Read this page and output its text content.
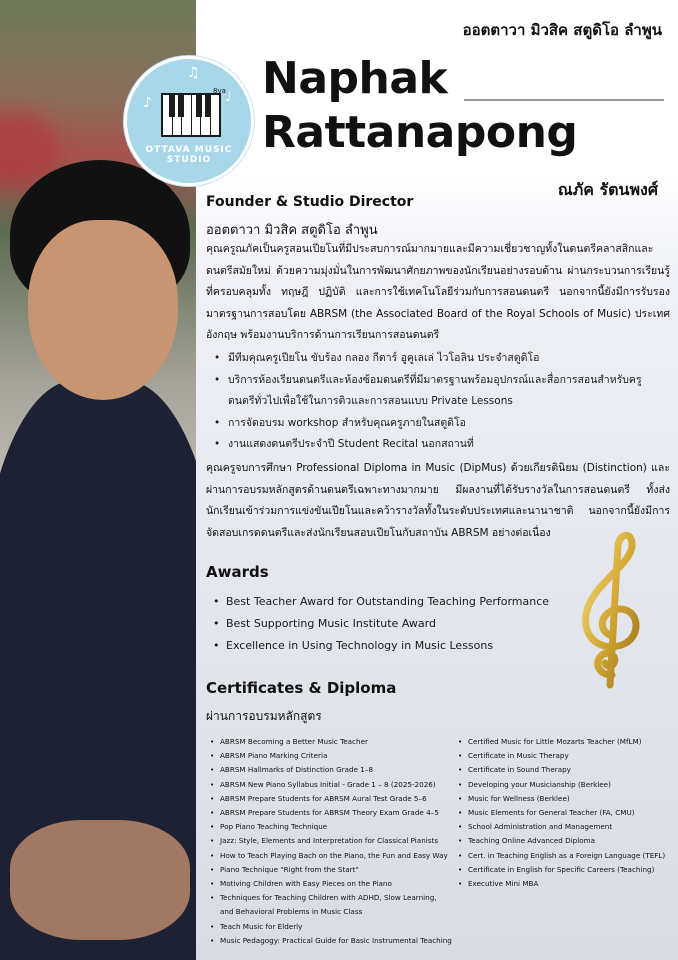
ออตตาวา มิวสิค สตูดิโอ ลำพูน
♫
♪	♩
8va
OTTAVA MUSIC STUDIO
Naphak
Rattanapong
ณภัค รัตนพงศ์
Founder & Studio Director
ออตตาวา มิวสิค สตูดิโอ ลำพูน
คุณครูณภัคเป็นครูสอนเปียโนที่มีประสบการณ์มากมายและมีความเชี่ยวชาญทั้งในดนตรีคลาสสิกและดนตรีสมัยใหม่ ด้วยความมุ่งมั่นในการพัฒนาศักยภาพของนักเรียนอย่างรอบด้าน ผ่านกระบวนการเรียนรู้ที่ครอบคลุมทั้ง ทฤษฎี ปฏิบัติ และการใช้เทคโนโลยีร่วมกับการสอนดนตรี นอกจากนี้ยังมีการรับรองมาตรฐานการสอบโดย ABRSM (the Associated Board of the Royal Schools of Music) ประเทศอังกฤษ พร้อมงานบริการด้านการเรียนการสอนดนตรี
• มีทีมคุณครูเปียโน ขับร้อง กลอง กีตาร์ อูคูเลเล่ ไวโอลิน ประจำสตูดิโอ
• บริการห้องเรียนดนตรีและห้องซ้อมดนตรีที่มีมาตรฐานพร้อมอุปกรณ์และสื่อการสอนสำหรับครูดนตรีทั่วไปเพื่อใช้ในการติวและการสอนแบบ Private Lessons
• การจัดอบรม workshop สำหรับคุณครูภายในสตูดิโอ
• งานแสดงดนตรีประจำปี Student Recital นอกสถานที่
คุณครูจบการศึกษา Professional Diploma in Music (DipMus) ด้วยเกียรตินิยม (Distinction) และผ่านการอบรมหลักสูตรด้านดนตรีเฉพาะทางมากมาย มีผลงานที่ได้รับรางวัลในการสอนดนตรี ทั้งส่งนักเรียนเข้าร่วมการแข่งขันเปียโนและคว้ารางวัลทั้งในระดับประเทศและนานาชาติ นอกจากนี้ยังมีการจัดสอบเกรดดนตรีและส่งนักเรียนสอบเปียโนกับสถาบัน ABRSM อย่างต่อเนื่อง
Awards
• Best Teacher Award for Outstanding Teaching Performance
• Best Supporting Music Institute Award
• Excellence in Using Technology in Music Lessons
Certificates & Diploma
ผ่านการอบรมหลักสูตร
• ABRSM Becoming a Better Music Teacher
• ABRSM Piano Marking Criteria
• ABRSM Hallmarks of Distinction Grade 1–8
• ABRSM New Piano Syllabus Initial - Grade 1 – 8 (2025-2026)
• ABRSM Prepare Students for ABRSM Aural Test Grade 5–6
• ABRSM Prepare Students for ABRSM Theory Exam Grade 4–5
• Pop Piano Teaching Technique
• Jazz: Style, Elements and Interpretation for Classical Pianists
• How to Teach Playing Bach on the Piano, the Fun and Easy Way
• Piano Technique "Right from the Start"
• Motiving Children with Easy Pieces on the Piano
• Techniques for Teaching Children with ADHD, Slow Learning,
and Behavioral Problems in Music Class
• Teach Music for Elderly
• Music Pedagogy: Practical Guide for Basic Instrumental Teaching
• Certified Music for Little Mozarts Teacher (MfLM)
• Certificate in Music Therapy
• Certificate in Sound Therapy
• Developing your Musicianship (Berklee)
• Music for Wellness (Berklee)
• Music Elements for General Teacher (FA, CMU)
• School Administration and Management
• Teaching Online Advanced Diploma
• Cert. in Teaching English as a Foreign Language (TEFL)
• Certificate in English for Specific Careers (Teaching)
• Executive Mini MBA
